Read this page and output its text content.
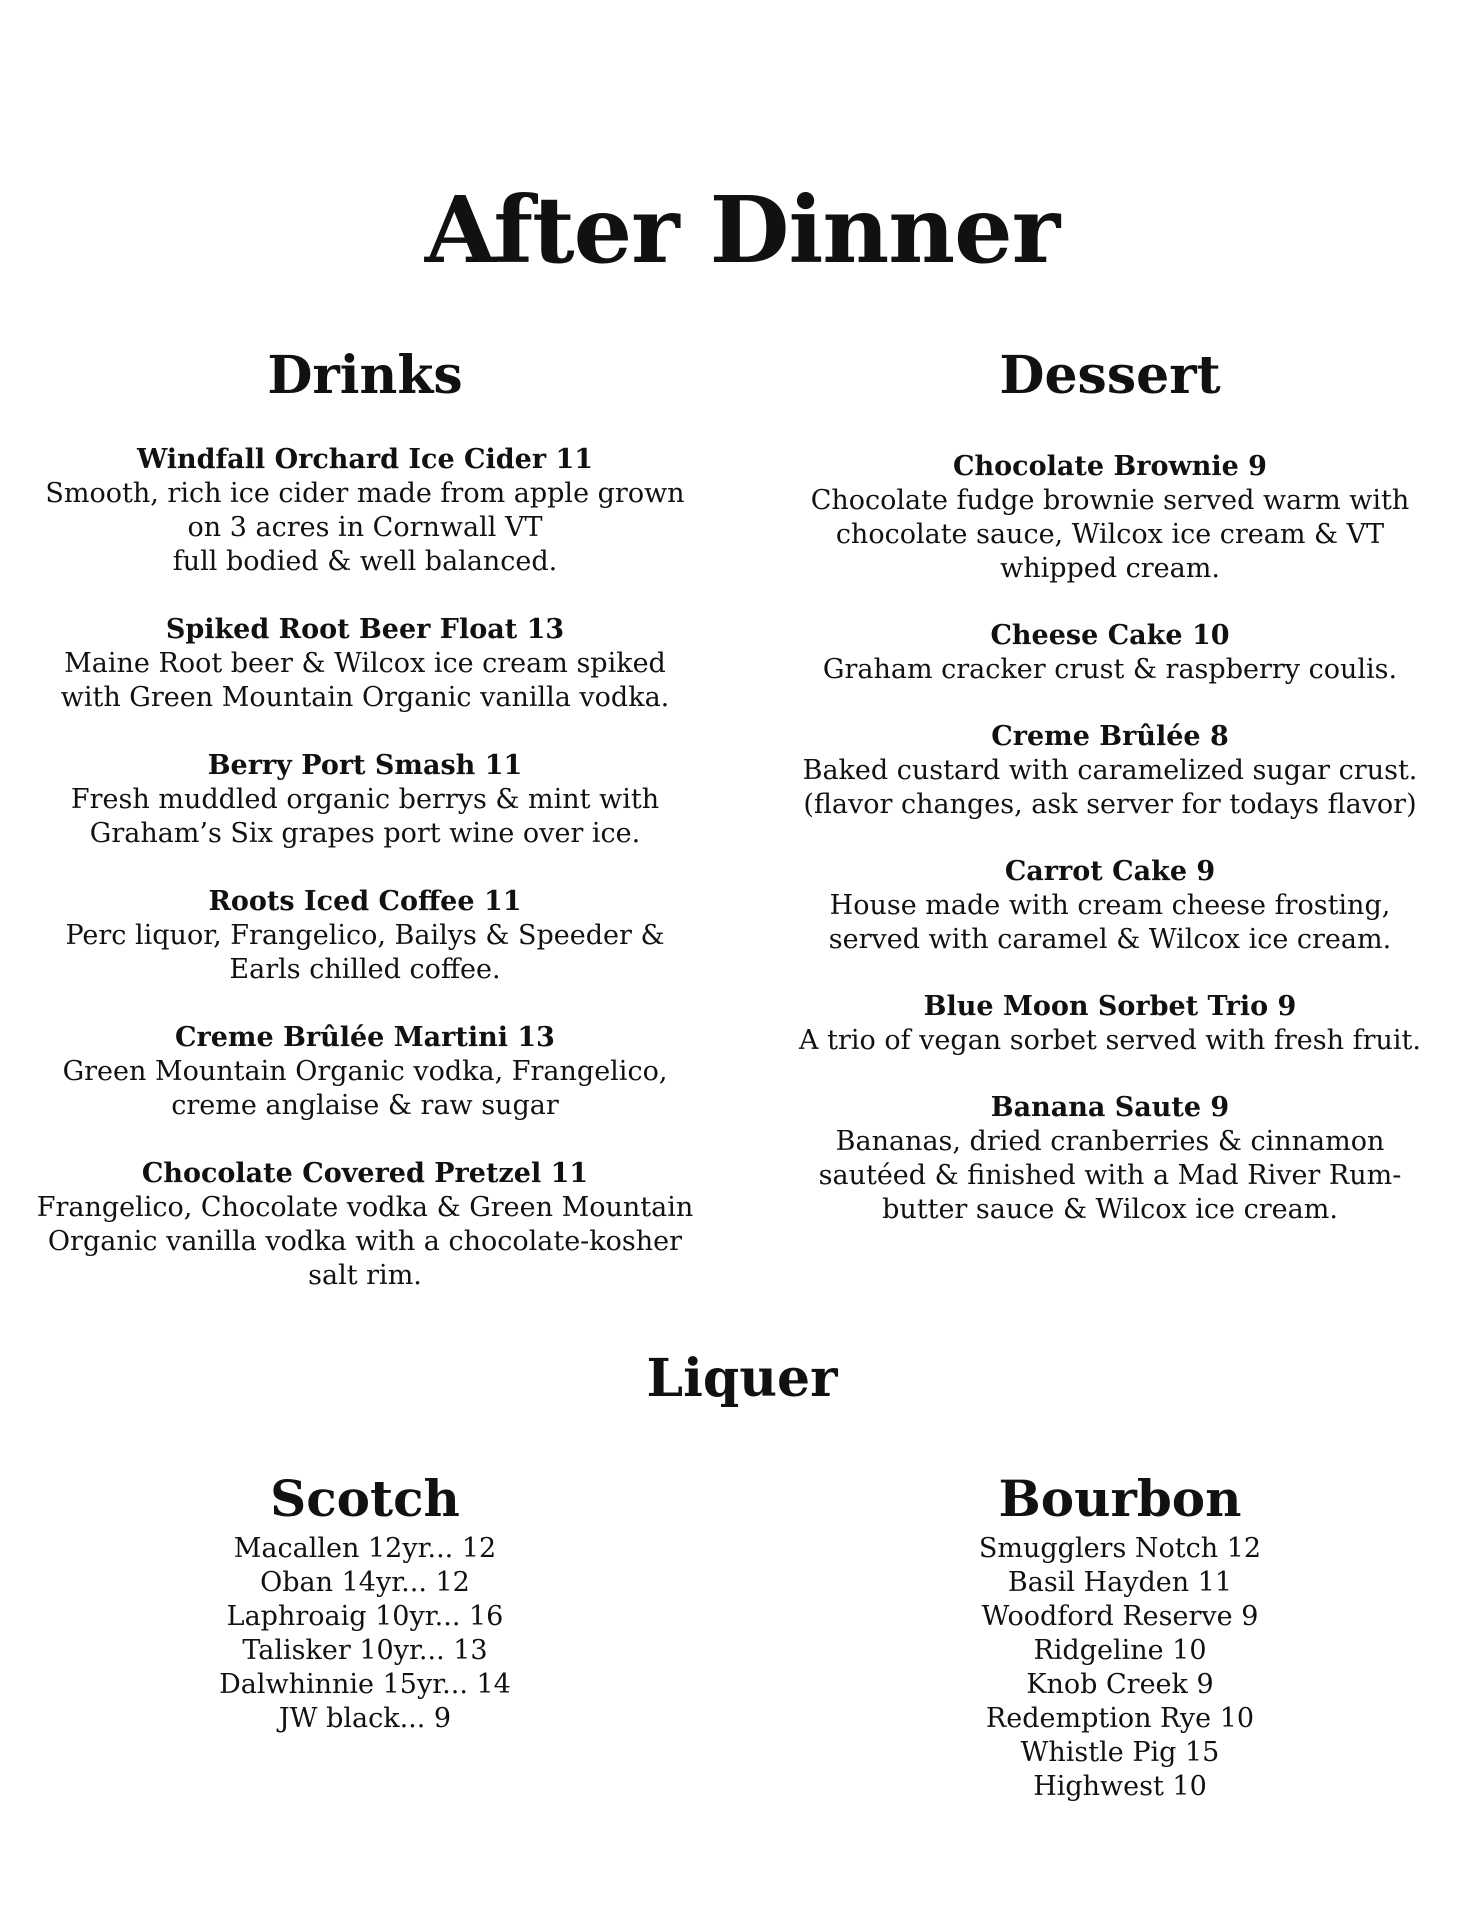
After Dinner
Drinks	Dessert
Windfall Orchard Ice Cider 11
Smooth, rich ice cider made from apple grown
on 3 acres in Cornwall VT
full bodied & well balanced.
Spiked Root Beer Float 13
Maine Root beer & Wilcox ice cream spiked
with Green Mountain Organic vanilla vodka.
Berry Port Smash 11
Fresh muddled organic berrys & mint with
Graham’s Six grapes port wine over ice.
Roots Iced Coffee 11
Perc liquor, Frangelico, Bailys & Speeder &
Earls chilled coffee.
Creme Brûlée Martini 13
Green Mountain Organic vodka, Frangelico,
creme anglaise & raw sugar
Chocolate Covered Pretzel 11
Frangelico, Chocolate vodka & Green Mountain
Organic vanilla vodka with a chocolate-kosher
salt rim.
Chocolate Brownie 9
Chocolate fudge brownie served warm with
chocolate sauce, Wilcox ice cream & VT
whipped cream.
Cheese Cake 10
Graham cracker crust & raspberry coulis.
Creme Brûlée 8
Baked custard with caramelized sugar crust.
(flavor changes, ask server for todays flavor)
Carrot Cake 9
House made with cream cheese frosting,
served with caramel & Wilcox ice cream.
Blue Moon Sorbet Trio 9
A trio of vegan sorbet served with fresh fruit.
Banana Saute 9
Bananas, dried cranberries & cinnamon
sautéed & finished with a Mad River Rum-
butter sauce & Wilcox ice cream.
Liquer
Scotch
Macallen 12yr... 12
Oban 14yr... 12
Laphroaig 10yr... 16
Talisker 10yr... 13
Dalwhinnie 15yr... 14
JW black... 9
Bourbon
Smugglers Notch 12
Basil Hayden 11
Woodford Reserve 9
Ridgeline 10
Knob Creek 9
Redemption Rye 10
Whistle Pig 15
Highwest 10
